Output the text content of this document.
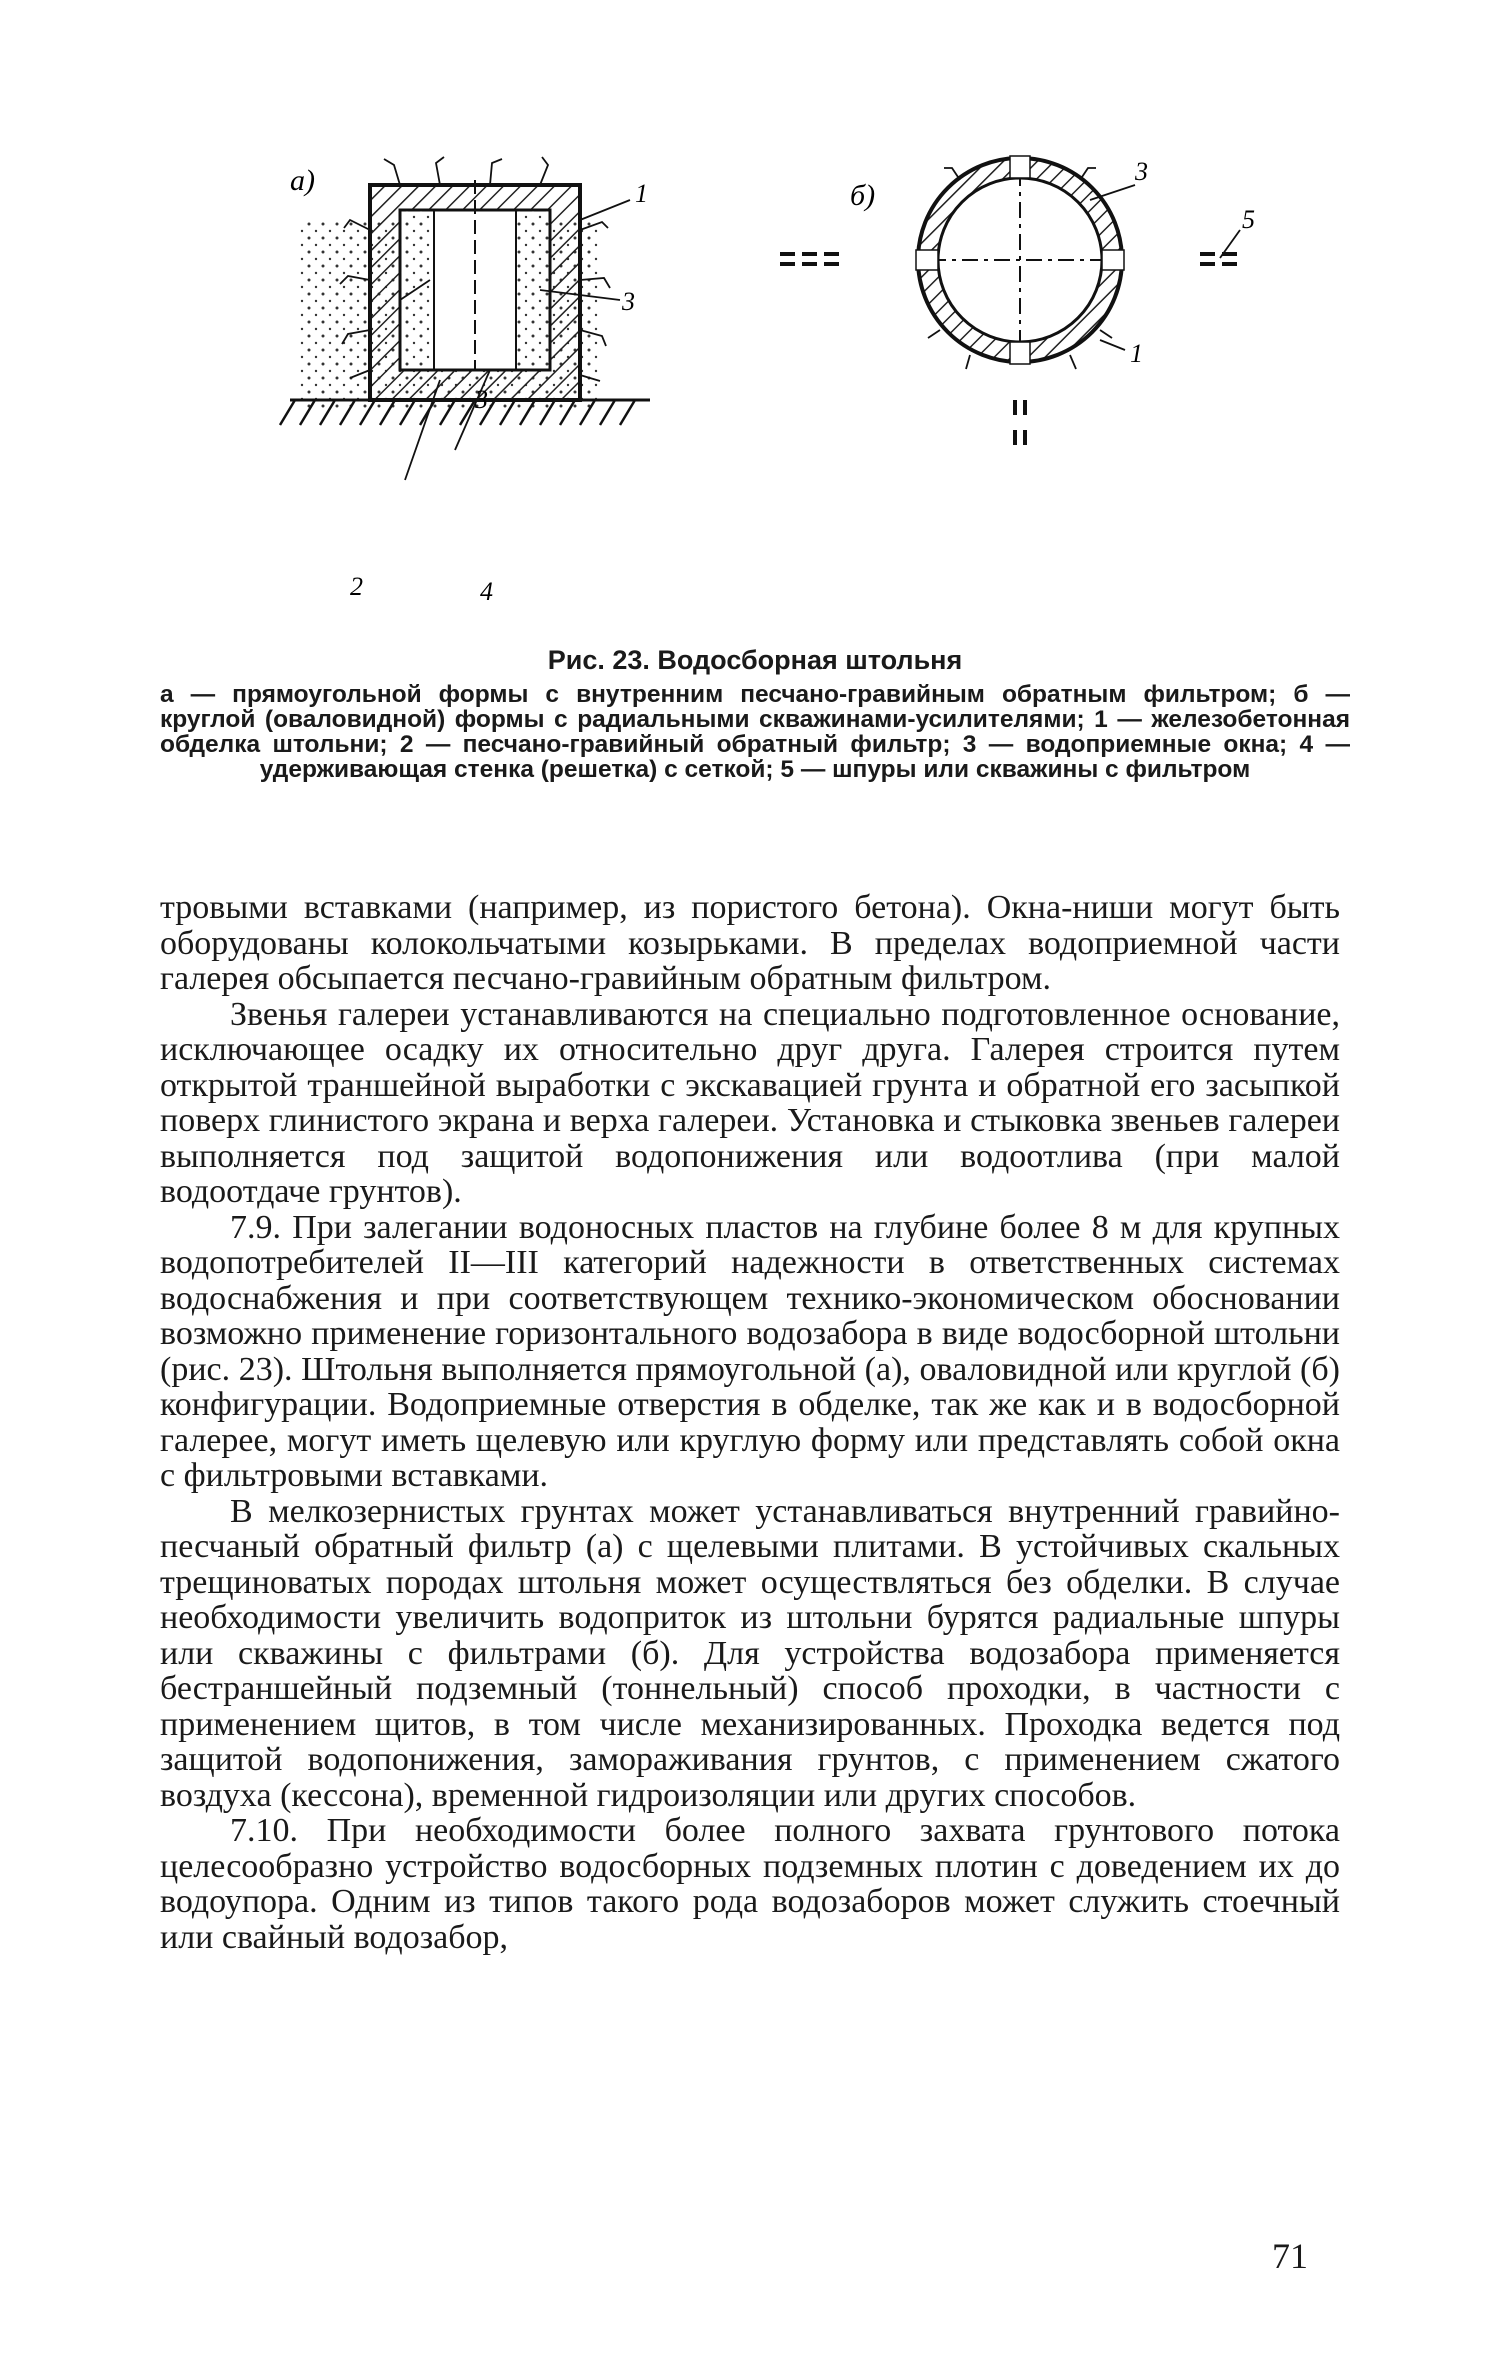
a)	1
3
3
2	4
б)
3
5
1
Рис. 23. Водосборная штольня
а — прямоугольной формы с внутренним песчано-гравийным обратным фильтром; б — круглой (оваловидной) формы с радиальными скважинами-усилителями; 1 — железобетонная обделка штольни; 2 — песчано-гравийный обратный фильтр; 3 — водоприемные окна; 4 — удерживающая стенка (решетка) с сеткой; 5 — шпуры или скважины с фильтром

тровыми вставками (например, из пористого бетона). Окна-ниши могут быть оборудованы колокольчатыми козырьками. В пределах водоприемной части галерея обсыпается песчано-гравийным обратным фильтром.

Звенья галереи устанавливаются на специально подготовленное основание, исключающее осадку их относительно друг друга. Галерея строится путем открытой траншейной выработки с экскавацией грунта и обратной его засыпкой поверх глинистого экрана и верха галереи. Установка и стыковка звеньев галереи выполняется под защитой водопонижения или водоотлива (при малой водоотдаче грунтов).

7.9. При залегании водоносных пластов на глубине более 8 м для крупных водопотребителей II—III категорий надежности в ответственных системах водоснабжения и при соответствующем технико-экономическом обосновании возможно применение горизонтального водозабора в виде водосборной штольни (рис. 23). Штольня выполняется прямоугольной (а), оваловидной или круглой (б) конфигурации. Водоприемные отверстия в обделке, так же как и в водосборной галерее, могут иметь щелевую или круглую форму или представлять собой окна с фильтровыми вставками.

В мелкозернистых грунтах может устанавливаться внутренний гравийно-песчаный обратный фильтр (а) с щелевыми плитами. В устойчивых скальных трещиноватых породах штольня может осуществляться без обделки. В случае необходимости увеличить водоприток из штольни бурятся радиальные шпуры или скважины с фильтрами (б). Для устройства водозабора применяется бестраншейный подземный (тоннельный) способ проходки, в частности с применением щитов, в том числе механизированных. Проходка ведется под защитой водопонижения, замораживания грунтов, с применением сжатого воздуха (кессона), временной гидроизоляции или других способов.

7.10. При необходимости более полного захвата грунтового потока целесообразно устройство водосборных подземных плотин с доведением их до водоупора. Одним из типов такого рода водозаборов может служить стоечный или свайный водозабор,

71
